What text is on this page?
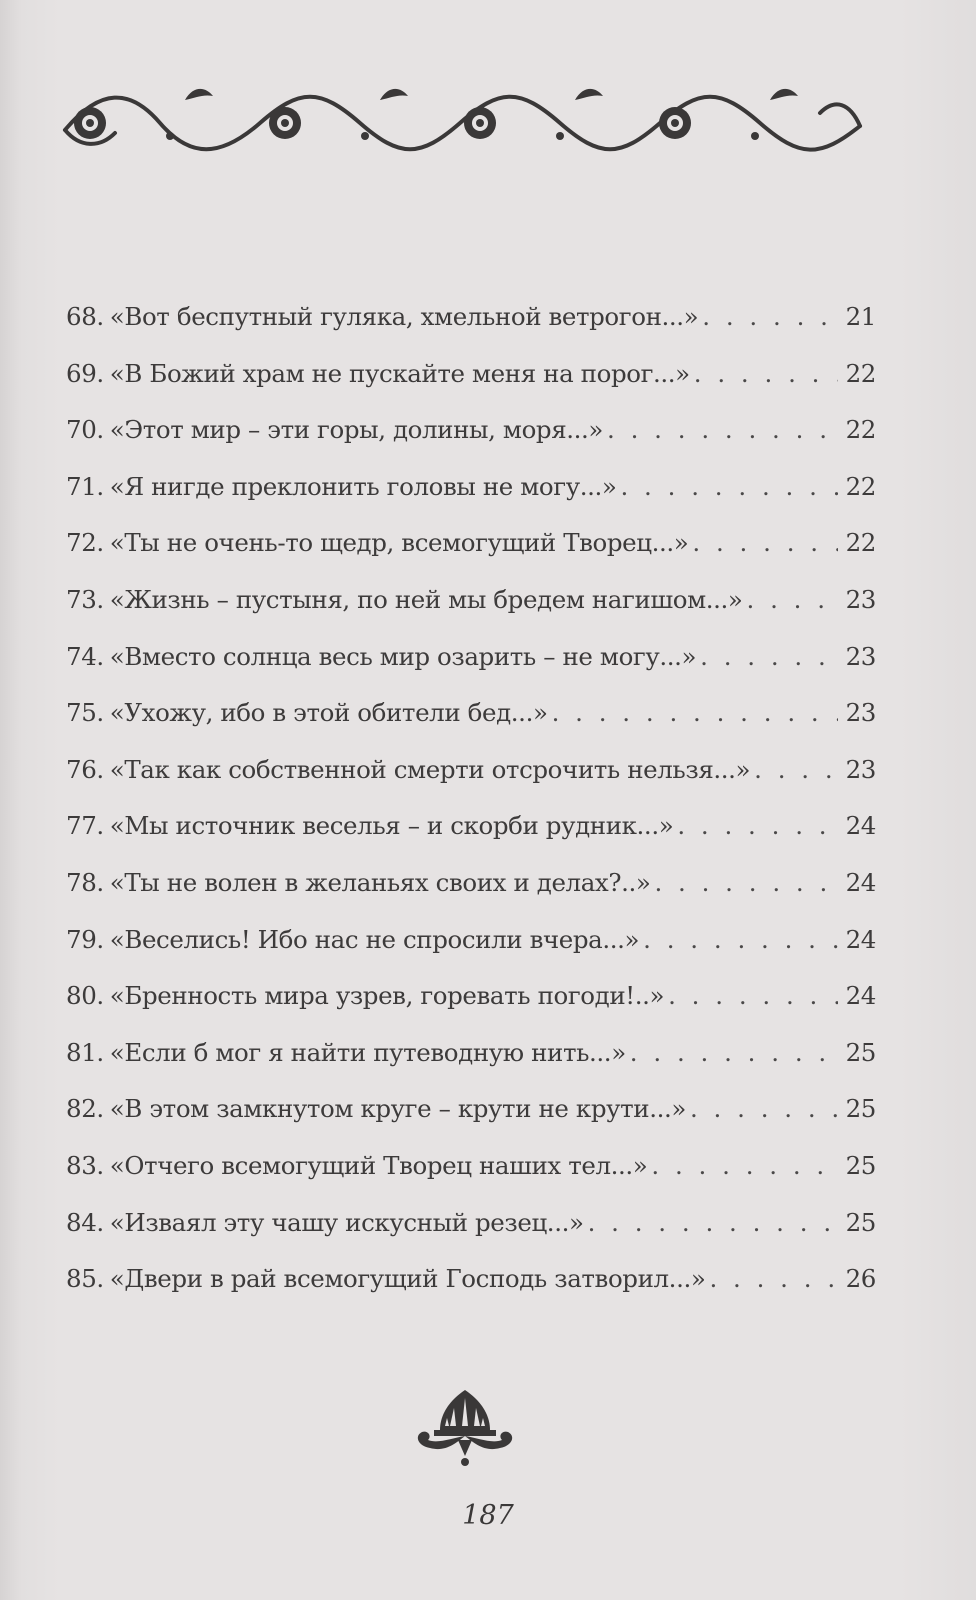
68. «Вот беспутный гуляка, хмельной ветрогон...» . . .	21
69. «В Божий храм не пускайте меня на порог...» . . .	22
70. «Этот мир – эти горы, долины, моря...» . . .	22
71. «Я нигде преклонить головы не могу...» . . .	22
72. «Ты не очень-то щедр, всемогущий Творец...» . . .	22
73. «Жизнь – пустыня, по ней мы бредем нагишом...» . . .	23
74. «Вместо солнца весь мир озарить – не могу...» . . .	23
75. «Ухожу, ибо в этой обители бед...» . . .	23
76. «Так как собственной смерти отсрочить нельзя...» . . .	23
77. «Мы источник веселья – и скорби рудник...» . . .	24
78. «Ты не волен в желаньях своих и делах?..» . . .	24
79. «Веселись! Ибо нас не спросили вчера...» . . .	24
80. «Бренность мира узрев, горевать погоди!..» . . .	24
81. «Если б мог я найти путеводную нить...» . . .	25
82. «В этом замкнутом круге – крути не крути...» . . .	25
83. «Отчего всемогущий Творец наших тел...» . . .	25
84. «Изваял эту чашу искусный резец...» . . .	25
85. «Двери в рай всемогущий Господь затворил...» . . .	26
187
